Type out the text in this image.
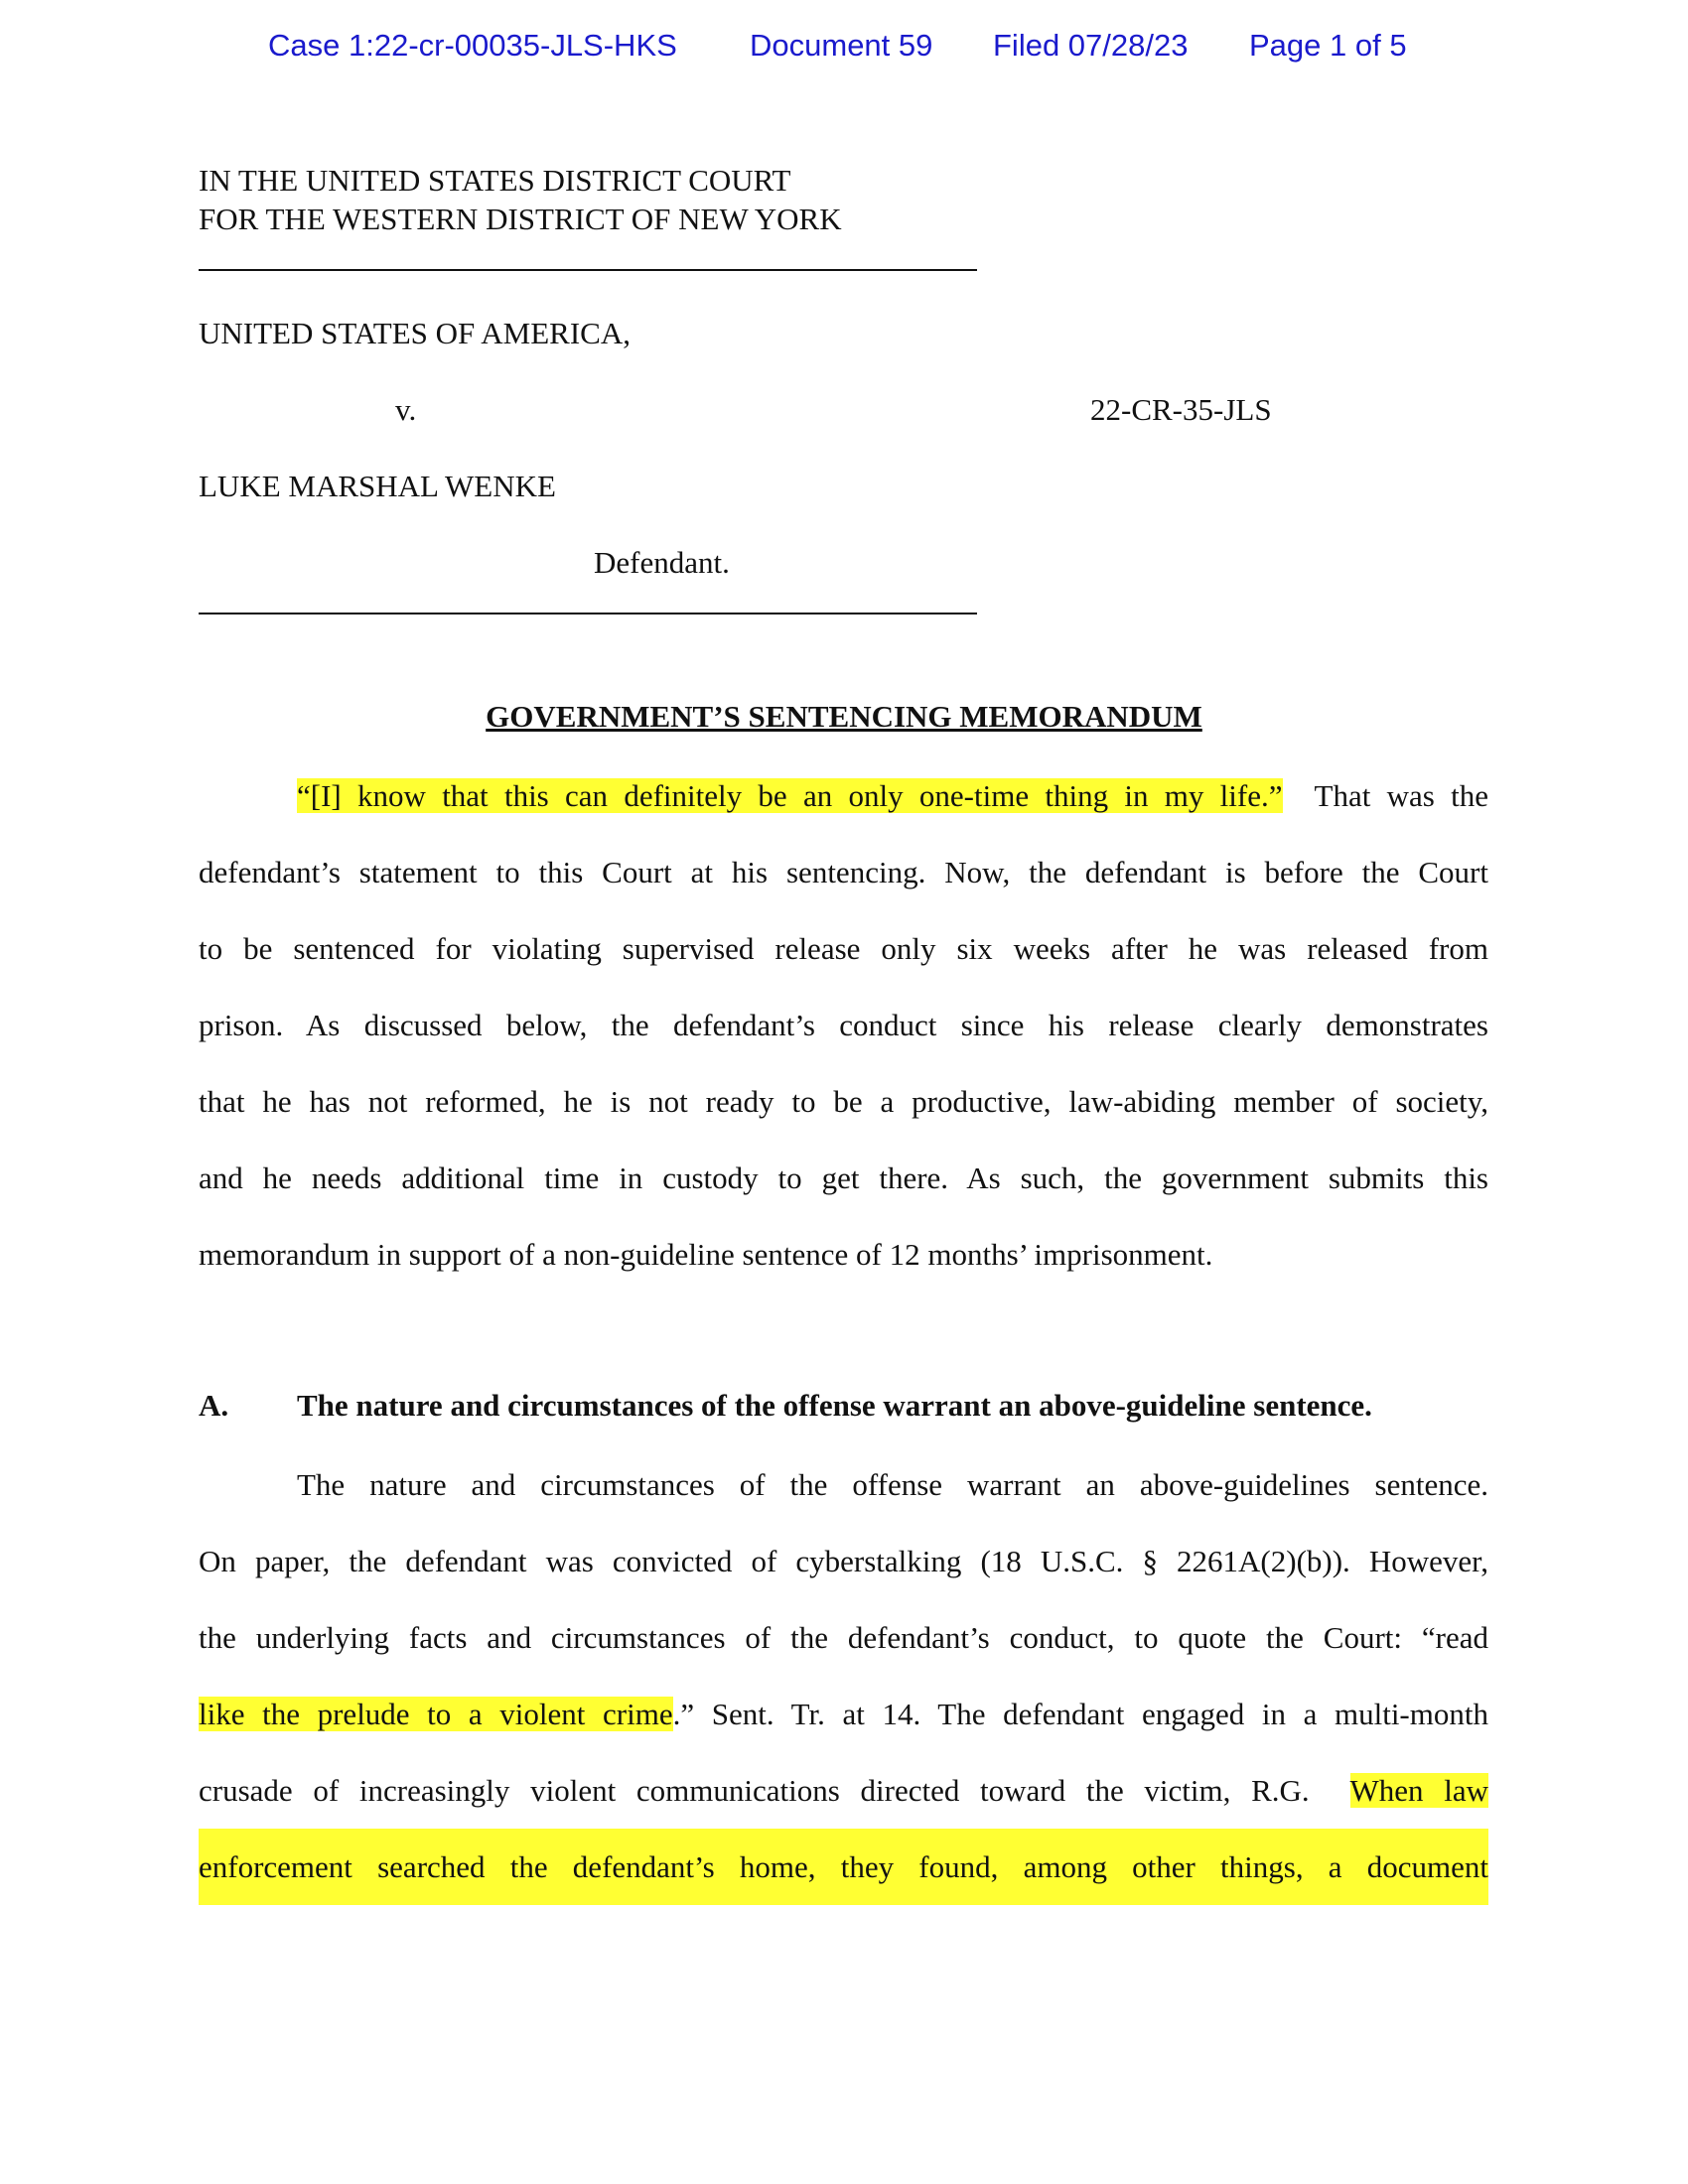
Case 1:22-cr-00035-JLS-HKS Document 59 Filed 07/28/23 Page 1 of 5
IN THE UNITED STATES DISTRICT COURT
FOR THE WESTERN DISTRICT OF NEW YORK
UNITED STATES OF AMERICA,
v.	22-CR-35-JLS
LUKE MARSHAL WENKE
Defendant.
GOVERNMENT’S SENTENCING MEMORANDUM
“[I] know that this can definitely be an only one-time thing in my life.” That was the
defendant’s statement to this Court at his sentencing. Now, the defendant is before the Court
to be sentenced for violating supervised release only six weeks after he was released from
prison. As discussed below, the defendant’s conduct since his release clearly demonstrates
that he has not reformed, he is not ready to be a productive, law-abiding member of society,
and he needs additional time in custody to get there. As such, the government submits this
memorandum in support of a non-guideline sentence of 12 months’ imprisonment.
A. The nature and circumstances of the offense warrant an above-guideline sentence.
The nature and circumstances of the offense warrant an above-guidelines sentence.
On paper, the defendant was convicted of cyberstalking (18 U.S.C. § 2261A(2)(b)). However,
the underlying facts and circumstances of the defendant’s conduct, to quote the Court: “read
like the prelude to a violent crime.” Sent. Tr. at 14. The defendant engaged in a multi-month
crusade of increasingly violent communications directed toward the victim, R.G. When law
enforcement searched the defendant’s home, they found, among other things, a document
